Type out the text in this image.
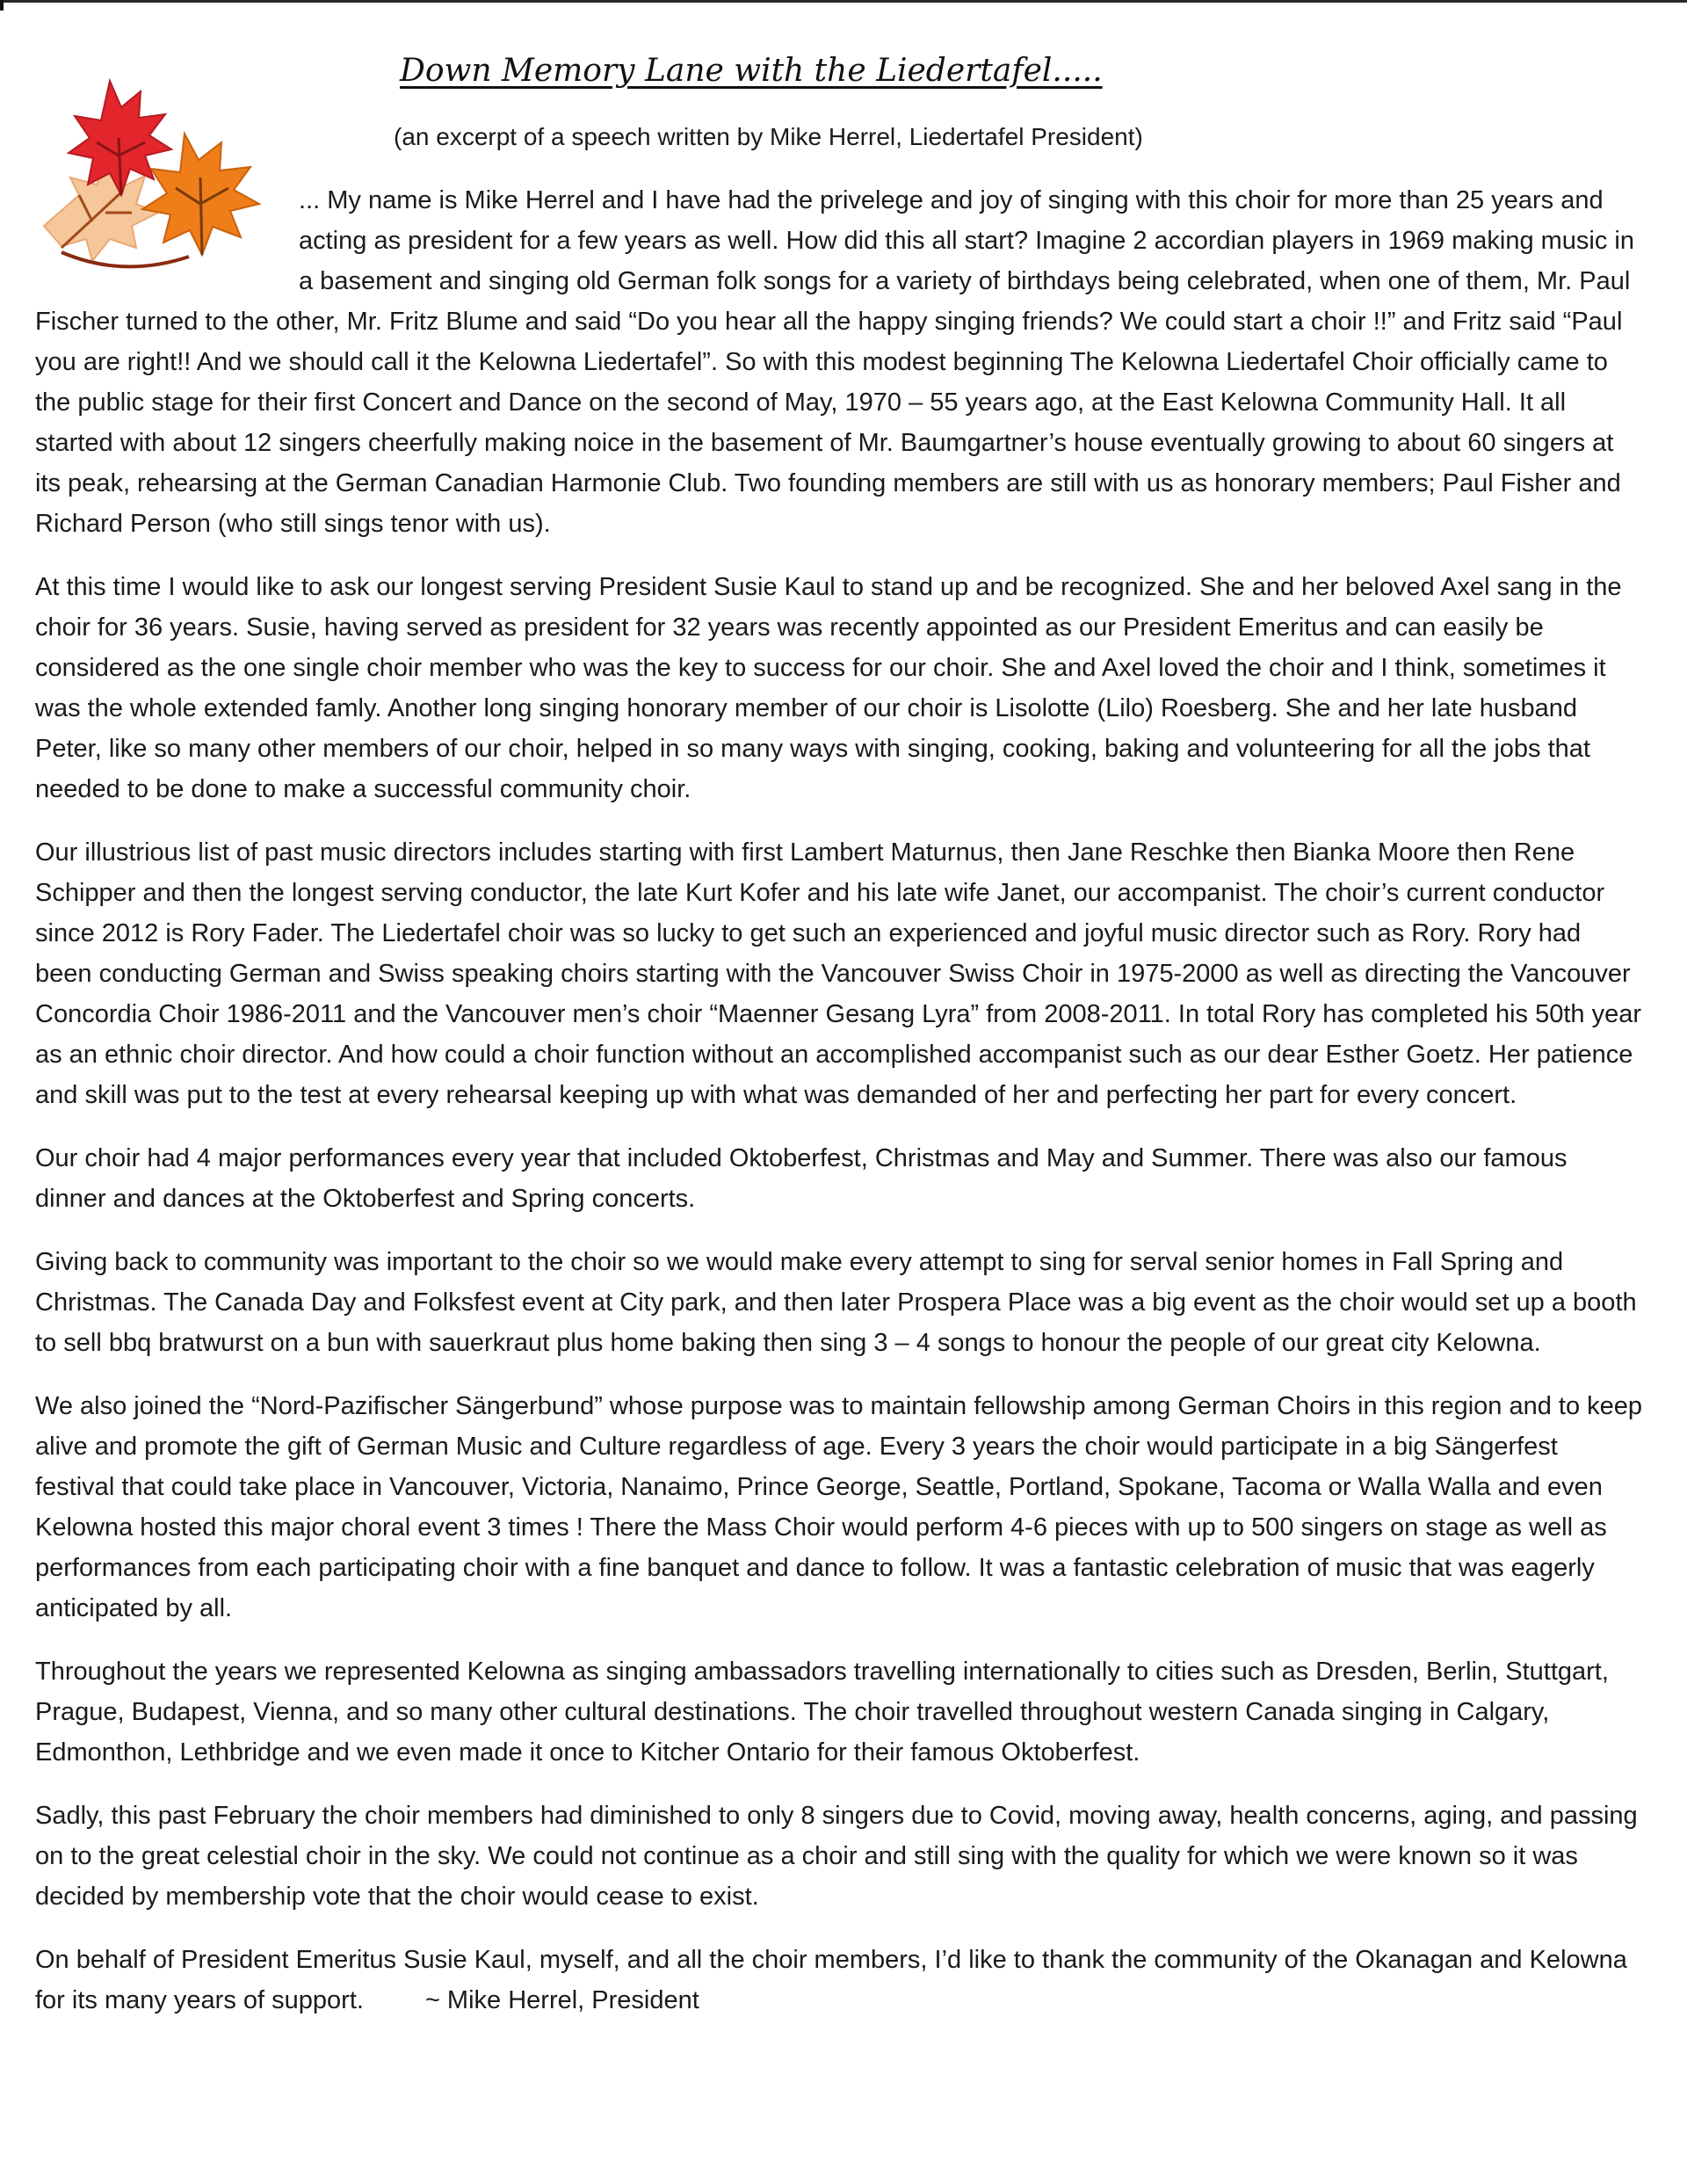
Down Memory Lane with the Liedertafel.....
(an excerpt of a speech written by Mike Herrel, Liedertafel President)

... My name is Mike Herrel and I have had the privelege and joy of singing with this choir for more than 25 years and acting as president for a few years as well. How did this all start? Imagine 2 accordian players in 1969 making music in a basement and singing old German folk songs for a variety of birthdays being celebrated, when one of them, Mr. Paul Fischer turned to the other, Mr. Fritz Blume and said “Do you hear all the happy singing friends? We could start a choir !!” and Fritz said “Paul you are right!! And we should call it the Kelowna Liedertafel”. So with this modest beginning The Kelowna Liedertafel Choir officially came to the public stage for their first Concert and Dance on the second of May, 1970 – 55 years ago, at the East Kelowna Community Hall. It all started with about 12 singers cheerfully making noice in the basement of Mr. Baumgartner’s house eventually growing to about 60 singers at its peak, rehearsing at the German Canadian Harmonie Club. Two founding members are still with us as honorary members; Paul Fisher and Richard Person (who still sings tenor with us).

At this time I would like to ask our longest serving President Susie Kaul to stand up and be recognized. She and her beloved Axel sang in the choir for 36 years. Susie, having served as president for 32 years was recently appointed as our President Emeritus and can easily be considered as the one single choir member who was the key to success for our choir. She and Axel loved the choir and I think, sometimes it was the whole extended famly. Another long singing honorary member of our choir is Lisolotte (Lilo) Roesberg. She and her late husband Peter, like so many other members of our choir, helped in so many ways with singing, cooking, baking and volunteering for all the jobs that needed to be done to make a successful community choir.

Our illustrious list of past music directors includes starting with first Lambert Maturnus, then Jane Reschke then Bianka Moore then Rene Schipper and then the longest serving conductor, the late Kurt Kofer and his late wife Janet, our accompanist. The choir’s current conductor since 2012 is Rory Fader. The Liedertafel choir was so lucky to get such an experienced and joyful music director such as Rory. Rory had been conducting German and Swiss speaking choirs starting with the Vancouver Swiss Choir in 1975-2000 as well as directing the Vancouver Concordia Choir 1986-2011 and the Vancouver men’s choir “Maenner Gesang Lyra” from 2008-2011. In total Rory has completed his 50th year as an ethnic choir director. And how could a choir function without an accomplished accompanist such as our dear Esther Goetz. Her patience and skill was put to the test at every rehearsal keeping up with what was demanded of her and perfecting her part for every concert.

Our choir had 4 major performances every year that included Oktoberfest, Christmas and May and Summer. There was also our famous dinner and dances at the Oktoberfest and Spring concerts.

Giving back to community was important to the choir so we would make every attempt to sing for serval senior homes in Fall Spring and Christmas. The Canada Day and Folksfest event at City park, and then later Prospera Place was a big event as the choir would set up a booth to sell bbq bratwurst on a bun with sauerkraut plus home baking then sing 3 – 4 songs to honour the people of our great city Kelowna.

We also joined the “Nord-Pazifischer Sängerbund” whose purpose was to maintain fellowship among German Choirs in this region and to keep alive and promote the gift of German Music and Culture regardless of age. Every 3 years the choir would participate in a big Sängerfest festival that could take place in Vancouver, Victoria, Nanaimo, Prince George, Seattle, Portland, Spokane, Tacoma or Walla Walla and even Kelowna hosted this major choral event 3 times ! There the Mass Choir would perform 4-6 pieces with up to 500 singers on stage as well as performances from each participating choir with a fine banquet and dance to follow. It was a fantastic celebration of music that was eagerly anticipated by all.

Throughout the years we represented Kelowna as singing ambassadors travelling internationally to cities such as Dresden, Berlin, Stuttgart, Prague, Budapest, Vienna, and so many other cultural destinations. The choir travelled throughout western Canada singing in Calgary, Edmonthon, Lethbridge and we even made it once to Kitcher Ontario for their famous Oktoberfest.

Sadly, this past February the choir members had diminished to only 8 singers due to Covid, moving away, health concerns, aging, and passing on to the great celestial choir in the sky. We could not continue as a choir and still sing with the quality for which we were known so it was decided by membership vote that the choir would cease to exist.

On behalf of President Emeritus Susie Kaul, myself, and all the choir members, I’d like to thank the community of the Okanagan and Kelowna for its many years of support. ~ Mike Herrel, President
